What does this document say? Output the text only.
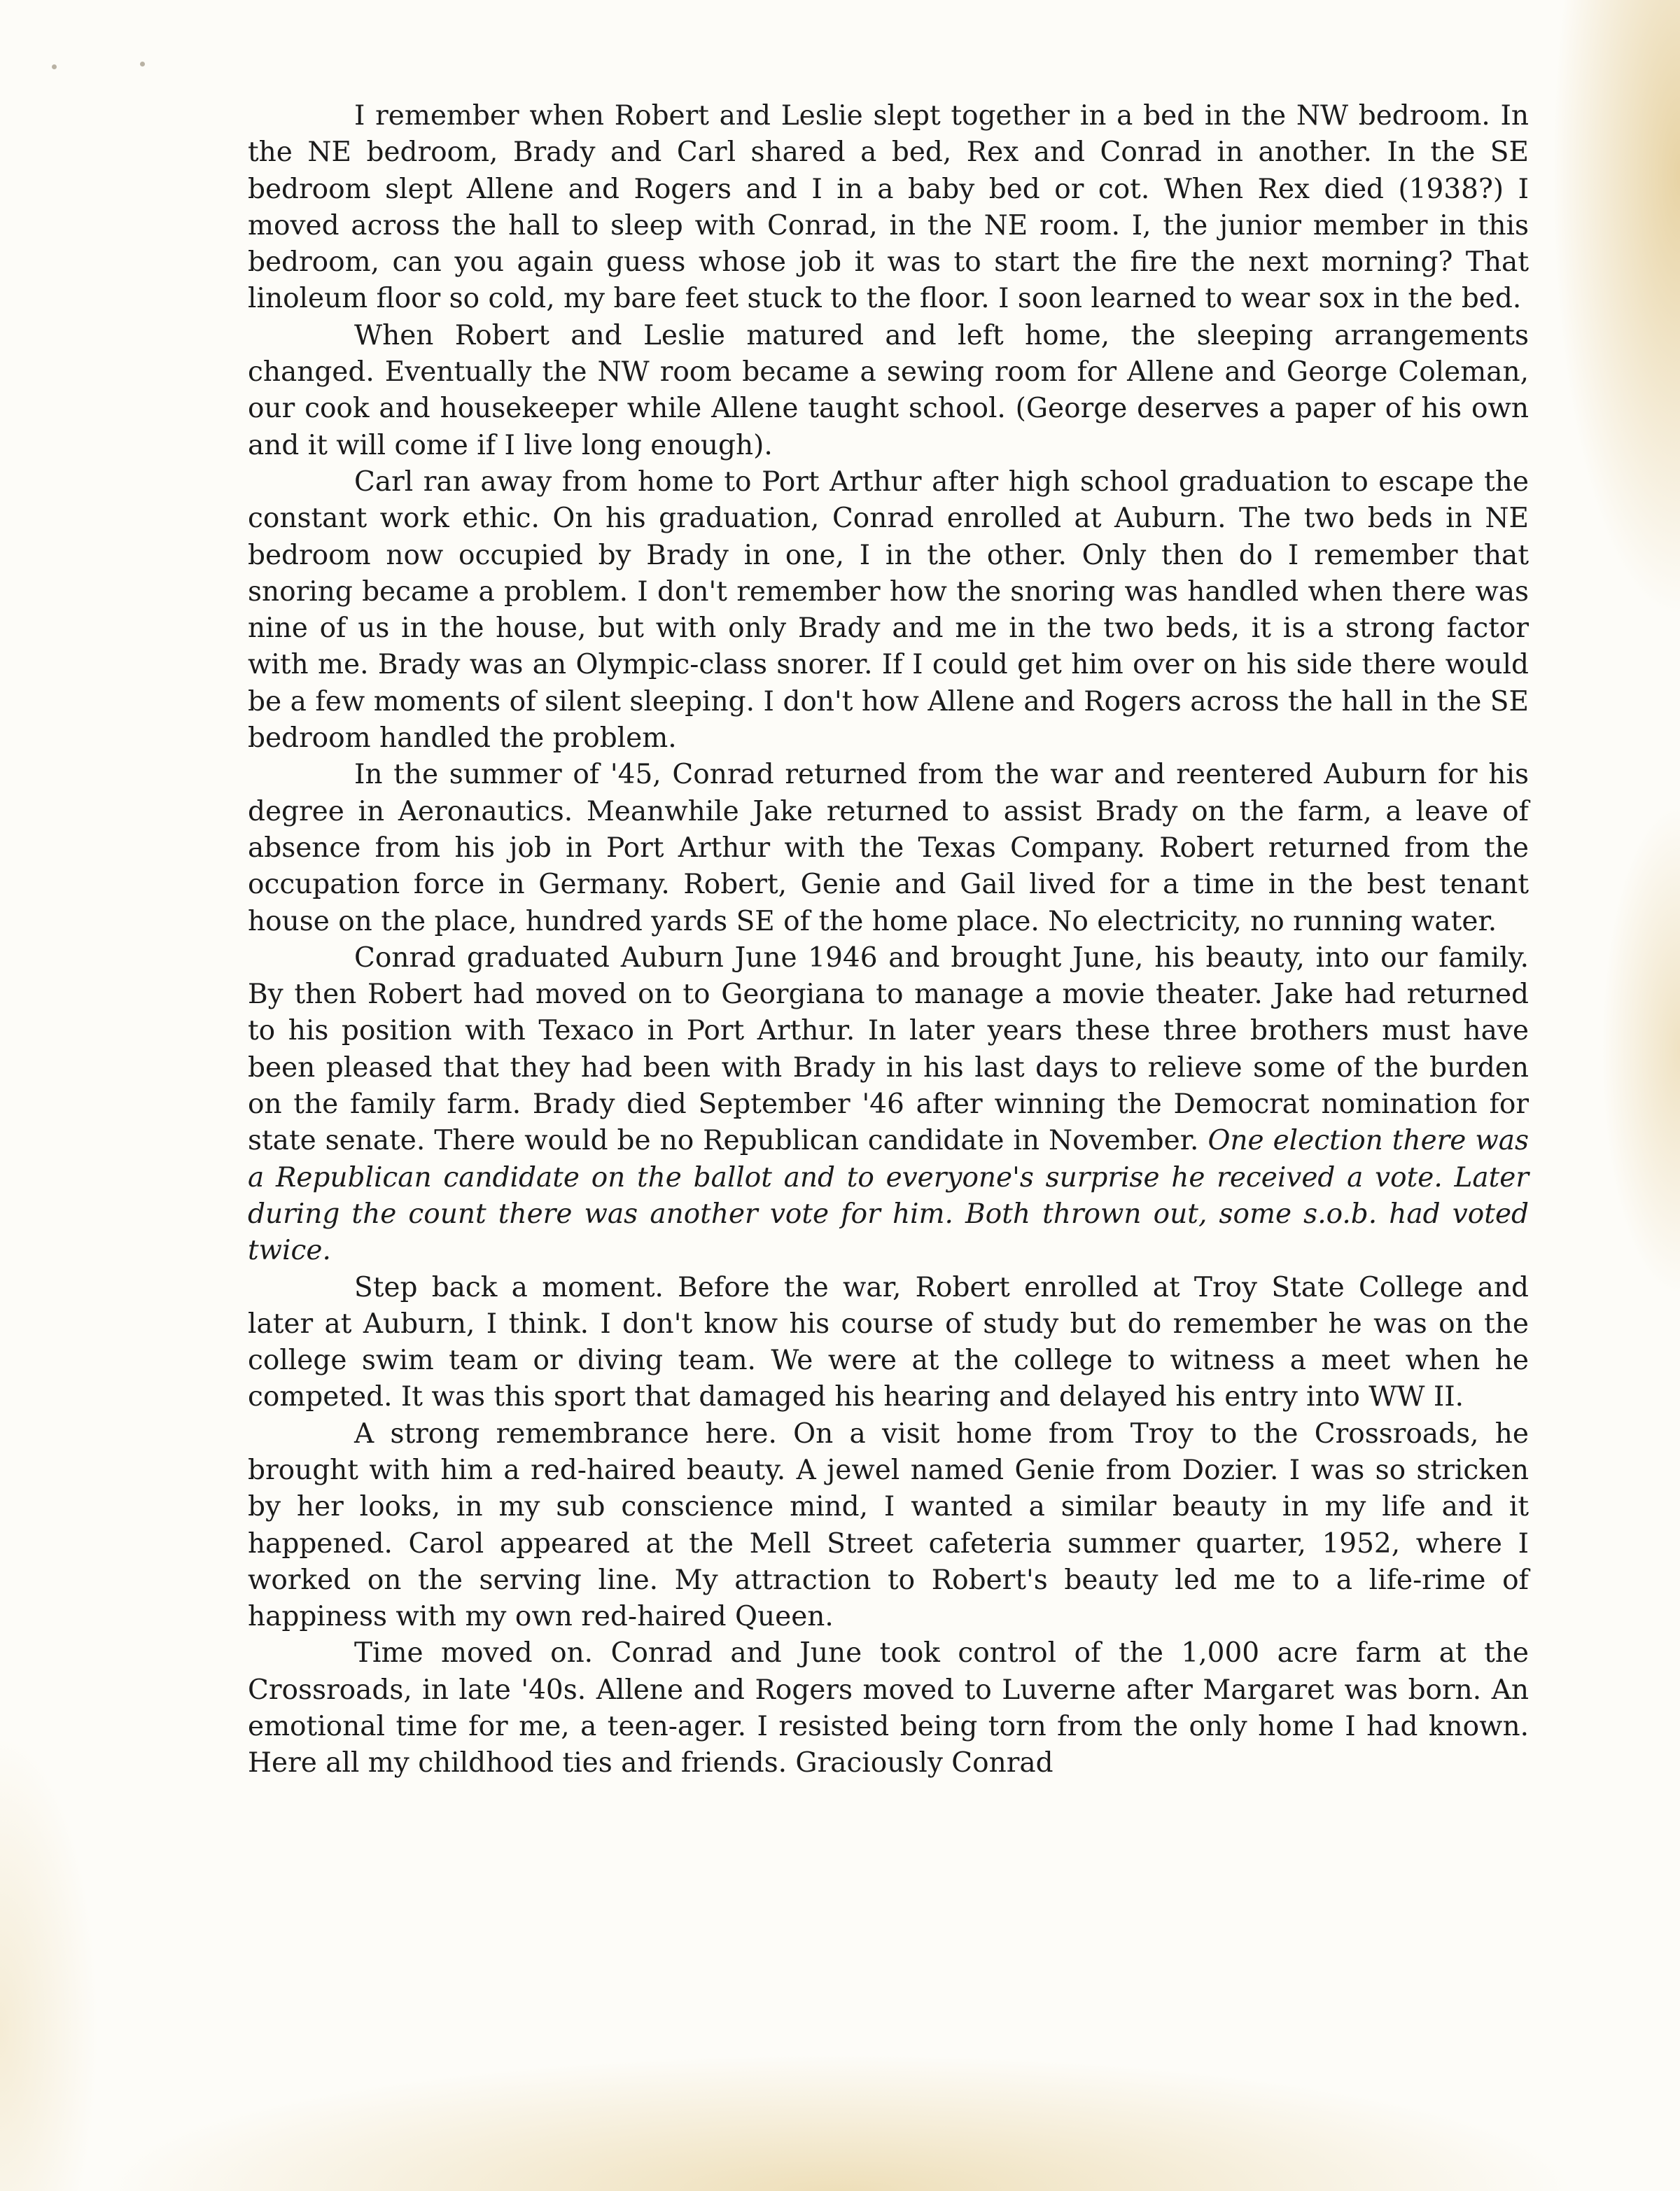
I remember when Robert and Leslie slept together in a bed in the NW bedroom. In the NE bedroom, Brady and Carl shared a bed, Rex and Conrad in another. In the SE bedroom slept Allene and Rogers and I in a baby bed or cot. When Rex died (1938?) I moved across the hall to sleep with Conrad, in the NE room. I, the junior member in this bedroom, can you again guess whose job it was to start the fire the next morning? That linoleum floor so cold, my bare feet stuck to the floor. I soon learned to wear sox in the bed.

When Robert and Leslie matured and left home, the sleeping arrangements changed. Eventually the NW room became a sewing room for Allene and George Coleman, our cook and housekeeper while Allene taught school. (George deserves a paper of his own and it will come if I live long enough).

Carl ran away from home to Port Arthur after high school graduation to escape the constant work ethic. On his graduation, Conrad enrolled at Auburn. The two beds in NE bedroom now occupied by Brady in one, I in the other. Only then do I remember that snoring became a problem. I don't remember how the snoring was handled when there was nine of us in the house, but with only Brady and me in the two beds, it is a strong factor with me. Brady was an Olympic-class snorer. If I could get him over on his side there would be a few moments of silent sleeping. I don't how Allene and Rogers across the hall in the SE bedroom handled the problem.

In the summer of '45, Conrad returned from the war and reentered Auburn for his degree in Aeronautics. Meanwhile Jake returned to assist Brady on the farm, a leave of absence from his job in Port Arthur with the Texas Company. Robert returned from the occupation force in Germany. Robert, Genie and Gail lived for a time in the best tenant house on the place, hundred yards SE of the home place. No electricity, no running water.

Conrad graduated Auburn June 1946 and brought June, his beauty, into our family. By then Robert had moved on to Georgiana to manage a movie theater. Jake had returned to his position with Texaco in Port Arthur. In later years these three brothers must have been pleased that they had been with Brady in his last days to relieve some of the burden on the family farm. Brady died September '46 after winning the Democrat nomination for state senate. There would be no Republican candidate in November. One election there was a Republican candidate on the ballot and to everyone's surprise he received a vote. Later during the count there was another vote for him. Both thrown out, some s.o.b. had voted twice.

Step back a moment. Before the war, Robert enrolled at Troy State College and later at Auburn, I think. I don't know his course of study but do remember he was on the college swim team or diving team. We were at the college to witness a meet when he competed. It was this sport that damaged his hearing and delayed his entry into WW II.

A strong remembrance here. On a visit home from Troy to the Crossroads, he brought with him a red-haired beauty. A jewel named Genie from Dozier. I was so stricken by her looks, in my sub conscience mind, I wanted a similar beauty in my life and it happened. Carol appeared at the Mell Street cafeteria summer quarter, 1952, where I worked on the serving line. My attraction to Robert's beauty led me to a life-rime of happiness with my own red-haired Queen.

Time moved on. Conrad and June took control of the 1,000 acre farm at the Crossroads, in late '40s. Allene and Rogers moved to Luverne after Margaret was born. An emotional time for me, a teen-ager. I resisted being torn from the only home I had known. Here all my childhood ties and friends. Graciously Conrad
